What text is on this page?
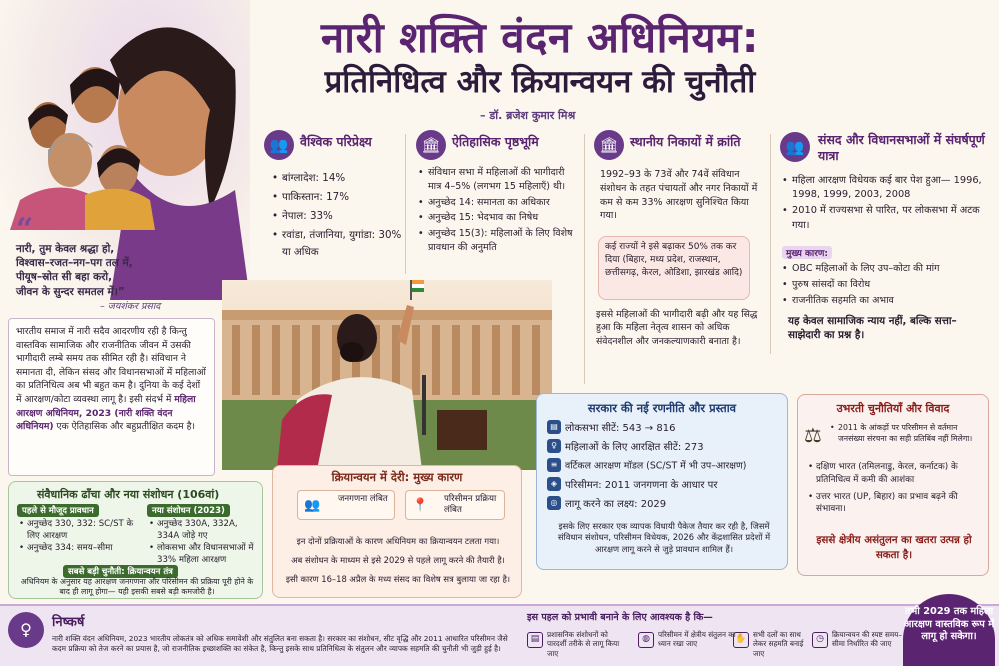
“
नारी, तुम केवल श्रद्धा हो,
विश्वास–रजत–नग–पग तल में,
पीयूष–स्रोत सी बहा करो,
जीवन के सुन्दर समतल में।”
– जयशंकर प्रसाद
नारी शक्ति वंदन अधिनियम:
प्रतिनिधित्व और क्रियान्वयन की चुनौती
– डॉ. ब्रजेश कुमार मिश्र
👥 वैश्विक परिप्रेक्ष्य
• बांग्लादेश: 14%
• पाकिस्तान: 17%
• नेपाल: 33%
• रवांडा, तंजानिया, युगांडा: 30% या अधिक
🏛 ऐतिहासिक पृष्ठभूमि
• संविधान सभा में महिलाओं की भागीदारी मात्र 4–5% (लगभग 15 महिलाएँ) थी।
• अनुच्छेद 14: समानता का अधिकार
• अनुच्छेद 15: भेदभाव का निषेध
• अनुच्छेद 15(3): महिलाओं के लिए विशेष प्रावधान की अनुमति
🏛 स्थानीय निकायों में क्रांति
1992–93 के 73वें और 74वें संविधान संशोधन के तहत पंचायतों और नगर निकायों में कम से कम 33% आरक्षण सुनिश्चित किया गया।
कई राज्यों ने इसे बढ़ाकर 50% तक कर दिया (बिहार, मध्य प्रदेश, राजस्थान, छत्तीसगढ़, केरल, ओडिशा, झारखंड आदि)
इससे महिलाओं की भागीदारी बढ़ी और यह सिद्ध हुआ कि महिला नेतृत्व शासन को अधिक संवेदनशील और जनकल्याणकारी बनाता है।
👥	संसद और विधानसभाओं में संघर्षपूर्ण यात्रा
• महिला आरक्षण विधेयक कई बार पेश हुआ— 1996, 1998, 1999, 2003, 2008
• 2010 में राज्यसभा से पारित, पर लोकसभा में अटक गया।
मुख्य कारण:
• OBC महिलाओं के लिए उप–कोटा की मांग
• पुरुष सांसदों का विरोध
• राजनीतिक सहमति का अभाव
यह केवल सामाजिक न्याय नहीं, बल्कि सत्ता–साझेदारी का प्रश्न है।
भारतीय समाज में नारी सदैव आदरणीय रही है किन्तु वास्तविक सामाजिक और राजनीतिक जीवन में उसकी भागीदारी लम्बे समय तक सीमित रही है। संविधान ने समानता दी, लेकिन संसद और विधानसभाओं में महिलाओं का प्रतिनिधित्व अब भी बहुत कम है। दुनिया के कई देशों में आरक्षण/कोटा व्यवस्था लागू है। इसी संदर्भ में महिला आरक्षण अधिनियम, 2023 (नारी शक्ति वंदन अधिनियम) एक ऐतिहासिक और बहुप्रतीक्षित कदम है।
संवैधानिक ढाँचा और नया संशोधन (106वां)
पहले से मौजूद प्रावधान
• अनुच्छेद 330, 332: SC/ST के लिए आरक्षण
• अनुच्छेद 334: समय–सीमा
नया संशोधन (2023)
• अनुच्छेद 330A, 332A, 334A जोड़े गए
• लोकसभा और विधानसभाओं में 33% महिला आरक्षण
सबसे बड़ी चुनौती: क्रियान्वयन तंत्र
अधिनियम के अनुसार यह आरक्षण जनगणना और परिसीमन की प्रक्रिया पूरी होने के बाद ही लागू होगा— यही इसकी सबसे बड़ी कमजोरी है।
क्रियान्वयन में देरी: मुख्य कारण
👥 जनगणना लंबित	📍 परिसीमन प्रक्रिया लंबित
इन दोनों प्रक्रियाओं के कारण अधिनियम का क्रियान्वयन टलता गया।
अब संशोधन के माध्यम से इसे 2029 से पहले लागू करने की तैयारी है।
इसी कारण 16–18 अप्रैल के मध्य संसद का विशेष सत्र बुलाया जा रहा है।
सरकार की नई रणनीति और प्रस्ताव
▤ लोकसभा सीटें: 543 → 816
♀ महिलाओं के लिए आरक्षित सीटें: 273
≡ वर्टिकल आरक्षण मॉडल (SC/ST में भी उप–आरक्षण)
◈ परिसीमन: 2011 जनगणना के आधार पर
◎ लागू करने का लक्ष्य: 2029
इसके लिए सरकार एक व्यापक विधायी पैकेज तैयार कर रही है, जिसमें संविधान संशोधन, परिसीमन विधेयक, 2026 और केंद्रशासित प्रदेशों में आरक्षण लागू करने से जुड़े प्रावधान शामिल हैं।
उभरती चुनौतियाँ और विवाद
⚖
•	2011 के आंकड़ों पर परिसीमन से वर्तमान जनसंख्या संरचना का सही प्रतिबिंब नहीं मिलेगा।
• दक्षिण भारत (तमिलनाडु, केरल, कर्नाटक) के प्रतिनिधित्व में कमी की आशंका
• उत्तर भारत (UP, बिहार) का प्रभाव बढ़ने की संभावना।
इससे क्षेत्रीय असंतुलन का खतरा उत्पन्न हो सकता है।
♀	निष्कर्ष
नारी शक्ति वंदन अधिनियम, 2023 भारतीय लोकतंत्र को अधिक समावेशी और संतुलित बना सकता है। सरकार का संशोधन, सीट वृद्धि और 2011 आधारित परिसीमन जैसे कदम प्रक्रिया को तेज करने का प्रयास है, जो राजनीतिक इच्छाशक्ति का संकेत है, किन्तु इसके साथ प्रतिनिधित्व के संतुलन और व्यापक सहमति की चुनौती भी जुड़ी हुई है।
इस पहल को प्रभावी बनाने के लिए आवश्यक है कि—
▤	प्रशासनिक संशोधनों को पारदर्शी तरीके से लागू किया जाए
◍	परिसीमन में क्षेत्रीय संतुलन का ध्यान रखा जाए	✋ सभी दलों का साथ लेकर सहमति बनाई जाए
◷	क्रियान्वयन की स्पष्ट समय–सीमा निर्धारित की जाए
तभी 2029 तक महिला आरक्षण वास्तविक रूप में लागू हो सकेगा।
